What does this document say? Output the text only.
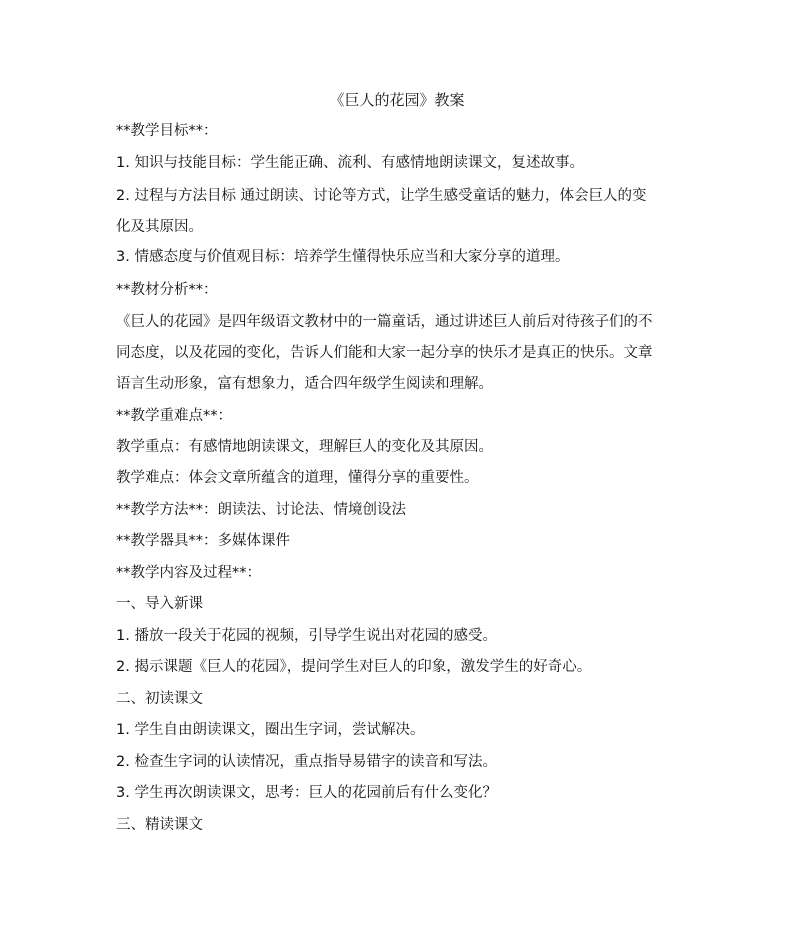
《巨人的花园》教案
**教学目标**：
1. 知识与技能目标：学生能正确、流利、有感情地朗读课文，复述故事。
2. 过程与方法目标 通过朗读、讨论等方式，让学生感受童话的魅力，体会巨人的变
化及其原因。
3. 情感态度与价值观目标：培养学生懂得快乐应当和大家分享的道理。
**教材分析**：
《巨人的花园》是四年级语文教材中的一篇童话，通过讲述巨人前后对待孩子们的不
同态度，以及花园的变化，告诉人们能和大家一起分享的快乐才是真正的快乐。文章
语言生动形象，富有想象力，适合四年级学生阅读和理解。
**教学重难点**：
教学重点：有感情地朗读课文，理解巨人的变化及其原因。
教学难点：体会文章所蕴含的道理，懂得分享的重要性。
**教学方法**：朗读法、讨论法、情境创设法
**教学器具**：多媒体课件
**教学内容及过程**：
一、导入新课
1. 播放一段关于花园的视频，引导学生说出对花园的感受。
2. 揭示课题《巨人的花园》，提问学生对巨人的印象，激发学生的好奇心。
二、初读课文
1. 学生自由朗读课文，圈出生字词，尝试解决。
2. 检查生字词的认读情况，重点指导易错字的读音和写法。
3. 学生再次朗读课文，思考：巨人的花园前后有什么变化？
三、精读课文
